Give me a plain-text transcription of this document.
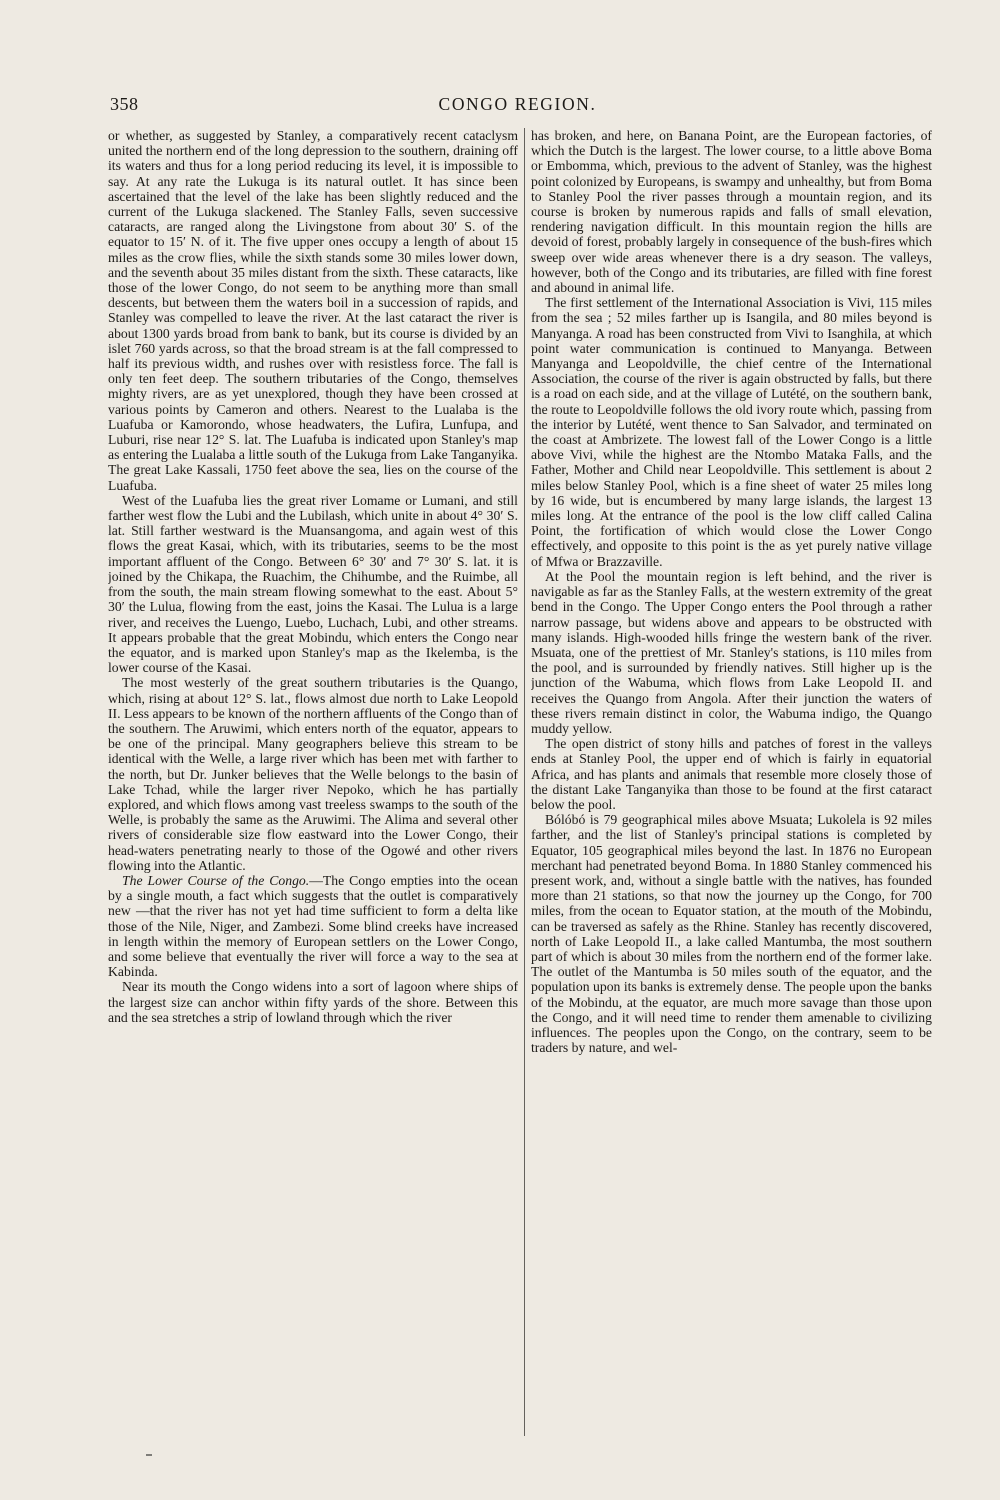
358	CONGO REGION.

or whether, as suggested by Stanley, a comparatively recent cataclysm united the northern end of the long depression to the southern, draining off its waters and thus for a long period reducing its level, it is impossible to say. At any rate the Lukuga is its natural outlet. It has since been ascertained that the level of the lake has been slightly reduced and the current of the Lukuga slackened. The Stanley Falls, seven successive cataracts, are ranged along the Livingstone from about 30′ S. of the equator to 15′ N. of it. The five upper ones occupy a length of about 15 miles as the crow flies, while the sixth stands some 30 miles lower down, and the seventh about 35 miles distant from the sixth. These cataracts, like those of the lower Congo, do not seem to be anything more than small descents, but between them the waters boil in a succession of rapids, and Stanley was compelled to leave the river. At the last cataract the river is about 1300 yards broad from bank to bank, but its course is divided by an islet 760 yards across, so that the broad stream is at the fall compressed to half its previous width, and rushes over with resistless force. The fall is only ten feet deep. The southern tributaries of the Congo, themselves mighty rivers, are as yet unexplored, though they have been crossed at various points by Cameron and others. Nearest to the Lualaba is the Luafuba or Kamorondo, whose headwaters, the Lufira, Lunfupa, and Luburi, rise near 12° S. lat. The Luafuba is indicated upon Stanley's map as entering the Lualaba a little south of the Lukuga from Lake Tanganyika. The great Lake Kassali, 1750 feet above the sea, lies on the course of the Luafuba.

West of the Luafuba lies the great river Lomame or Lumani, and still farther west flow the Lubi and the Lubilash, which unite in about 4° 30′ S. lat. Still farther westward is the Muansangoma, and again west of this flows the great Kasai, which, with its tributaries, seems to be the most important affluent of the Congo. Between 6° 30′ and 7° 30′ S. lat. it is joined by the Chikapa, the Ruachim, the Chihumbe, and the Ruimbe, all from the south, the main stream flowing somewhat to the east. About 5° 30′ the Lulua, flowing from the east, joins the Kasai. The Lulua is a large river, and receives the Luengo, Luebo, Luchach, Lubi, and other streams. It appears probable that the great Mobindu, which enters the Congo near the equator, and is marked upon Stanley's map as the Ikelemba, is the lower course of the Kasai.

The most westerly of the great southern tributaries is the Quango, which, rising at about 12° S. lat., flows almost due north to Lake Leopold II. Less appears to be known of the northern affluents of the Congo than of the southern. The Aruwimi, which enters north of the equator, appears to be one of the principal. Many geographers believe this stream to be identical with the Welle, a large river which has been met with farther to the north, but Dr. Junker believes that the Welle belongs to the basin of Lake Tchad, while the larger river Nepoko, which he has partially explored, and which flows among vast treeless swamps to the south of the Welle, is probably the same as the Aruwimi. The Alima and several other rivers of considerable size flow eastward into the Lower Congo, their head-waters penetrating nearly to those of the Ogowé and other rivers flowing into the Atlantic.

The Lower Course of the Congo.—The Congo empties into the ocean by a single mouth, a fact which suggests that the outlet is comparatively new —that the river has not yet had time sufficient to form a delta like those of the Nile, Niger, and Zambezi. Some blind creeks have increased in length within the memory of European settlers on the Lower Congo, and some believe that eventually the river will force a way to the sea at Kabinda.

Near its mouth the Congo widens into a sort of lagoon where ships of the largest size can anchor within fifty yards of the shore. Between this and the sea stretches a strip of lowland through which the river

has broken, and here, on Banana Point, are the European factories, of which the Dutch is the largest. The lower course, to a little above Boma or Embomma, which, previous to the advent of Stanley, was the highest point colonized by Europeans, is swampy and unhealthy, but from Boma to Stanley Pool the river passes through a mountain region, and its course is broken by numerous rapids and falls of small elevation, rendering navigation difficult. In this mountain region the hills are devoid of forest, probably largely in consequence of the bush-fires which sweep over wide areas whenever there is a dry season. The valleys, however, both of the Congo and its tributaries, are filled with fine forest and abound in animal life.

The first settlement of the International Association is Vivi, 115 miles from the sea ; 52 miles farther up is Isangila, and 80 miles beyond is Manyanga. A road has been constructed from Vivi to Isanghila, at which point water communication is continued to Manyanga. Between Manyanga and Leopoldville, the chief centre of the International Association, the course of the river is again obstructed by falls, but there is a road on each side, and at the village of Lutété, on the southern bank, the route to Leopoldville follows the old ivory route which, passing from the interior by Lutété, went thence to San Salvador, and terminated on the coast at Ambrizete. The lowest fall of the Lower Congo is a little above Vivi, while the highest are the Ntombo Mataka Falls, and the Father, Mother and Child near Leopoldville. This settlement is about 2 miles below Stanley Pool, which is a fine sheet of water 25 miles long by 16 wide, but is encumbered by many large islands, the largest 13 miles long. At the entrance of the pool is the low cliff called Calina Point, the fortification of which would close the Lower Congo effectively, and opposite to this point is the as yet purely native village of Mfwa or Brazzaville.

At the Pool the mountain region is left behind, and the river is navigable as far as the Stanley Falls, at the western extremity of the great bend in the Congo. The Upper Congo enters the Pool through a rather narrow passage, but widens above and appears to be obstructed with many islands. High-wooded hills fringe the western bank of the river. Msuata, one of the prettiest of Mr. Stanley's stations, is 110 miles from the pool, and is surrounded by friendly natives. Still higher up is the junction of the Wabuma, which flows from Lake Leopold II. and receives the Quango from Angola. After their junction the waters of these rivers remain distinct in color, the Wabuma indigo, the Quango muddy yellow.

The open district of stony hills and patches of forest in the valleys ends at Stanley Pool, the upper end of which is fairly in equatorial Africa, and has plants and animals that resemble more closely those of the distant Lake Tanganyika than those to be found at the first cataract below the pool.

Bólóbó is 79 geographical miles above Msuata; Lukolela is 92 miles farther, and the list of Stanley's principal stations is completed by Equator, 105 geographical miles beyond the last. In 1876 no European merchant had penetrated beyond Boma. In 1880 Stanley commenced his present work, and, without a single battle with the natives, has founded more than 21 stations, so that now the journey up the Congo, for 700 miles, from the ocean to Equator station, at the mouth of the Mobindu, can be traversed as safely as the Rhine. Stanley has recently discovered, north of Lake Leopold II., a lake called Mantumba, the most southern part of which is about 30 miles from the northern end of the former lake. The outlet of the Mantumba is 50 miles south of the equator, and the population upon its banks is extremely dense. The people upon the banks of the Mobindu, at the equator, are much more savage than those upon the Congo, and it will need time to render them amenable to civilizing influences. The peoples upon the Congo, on the contrary, seem to be traders by nature, and wel-
